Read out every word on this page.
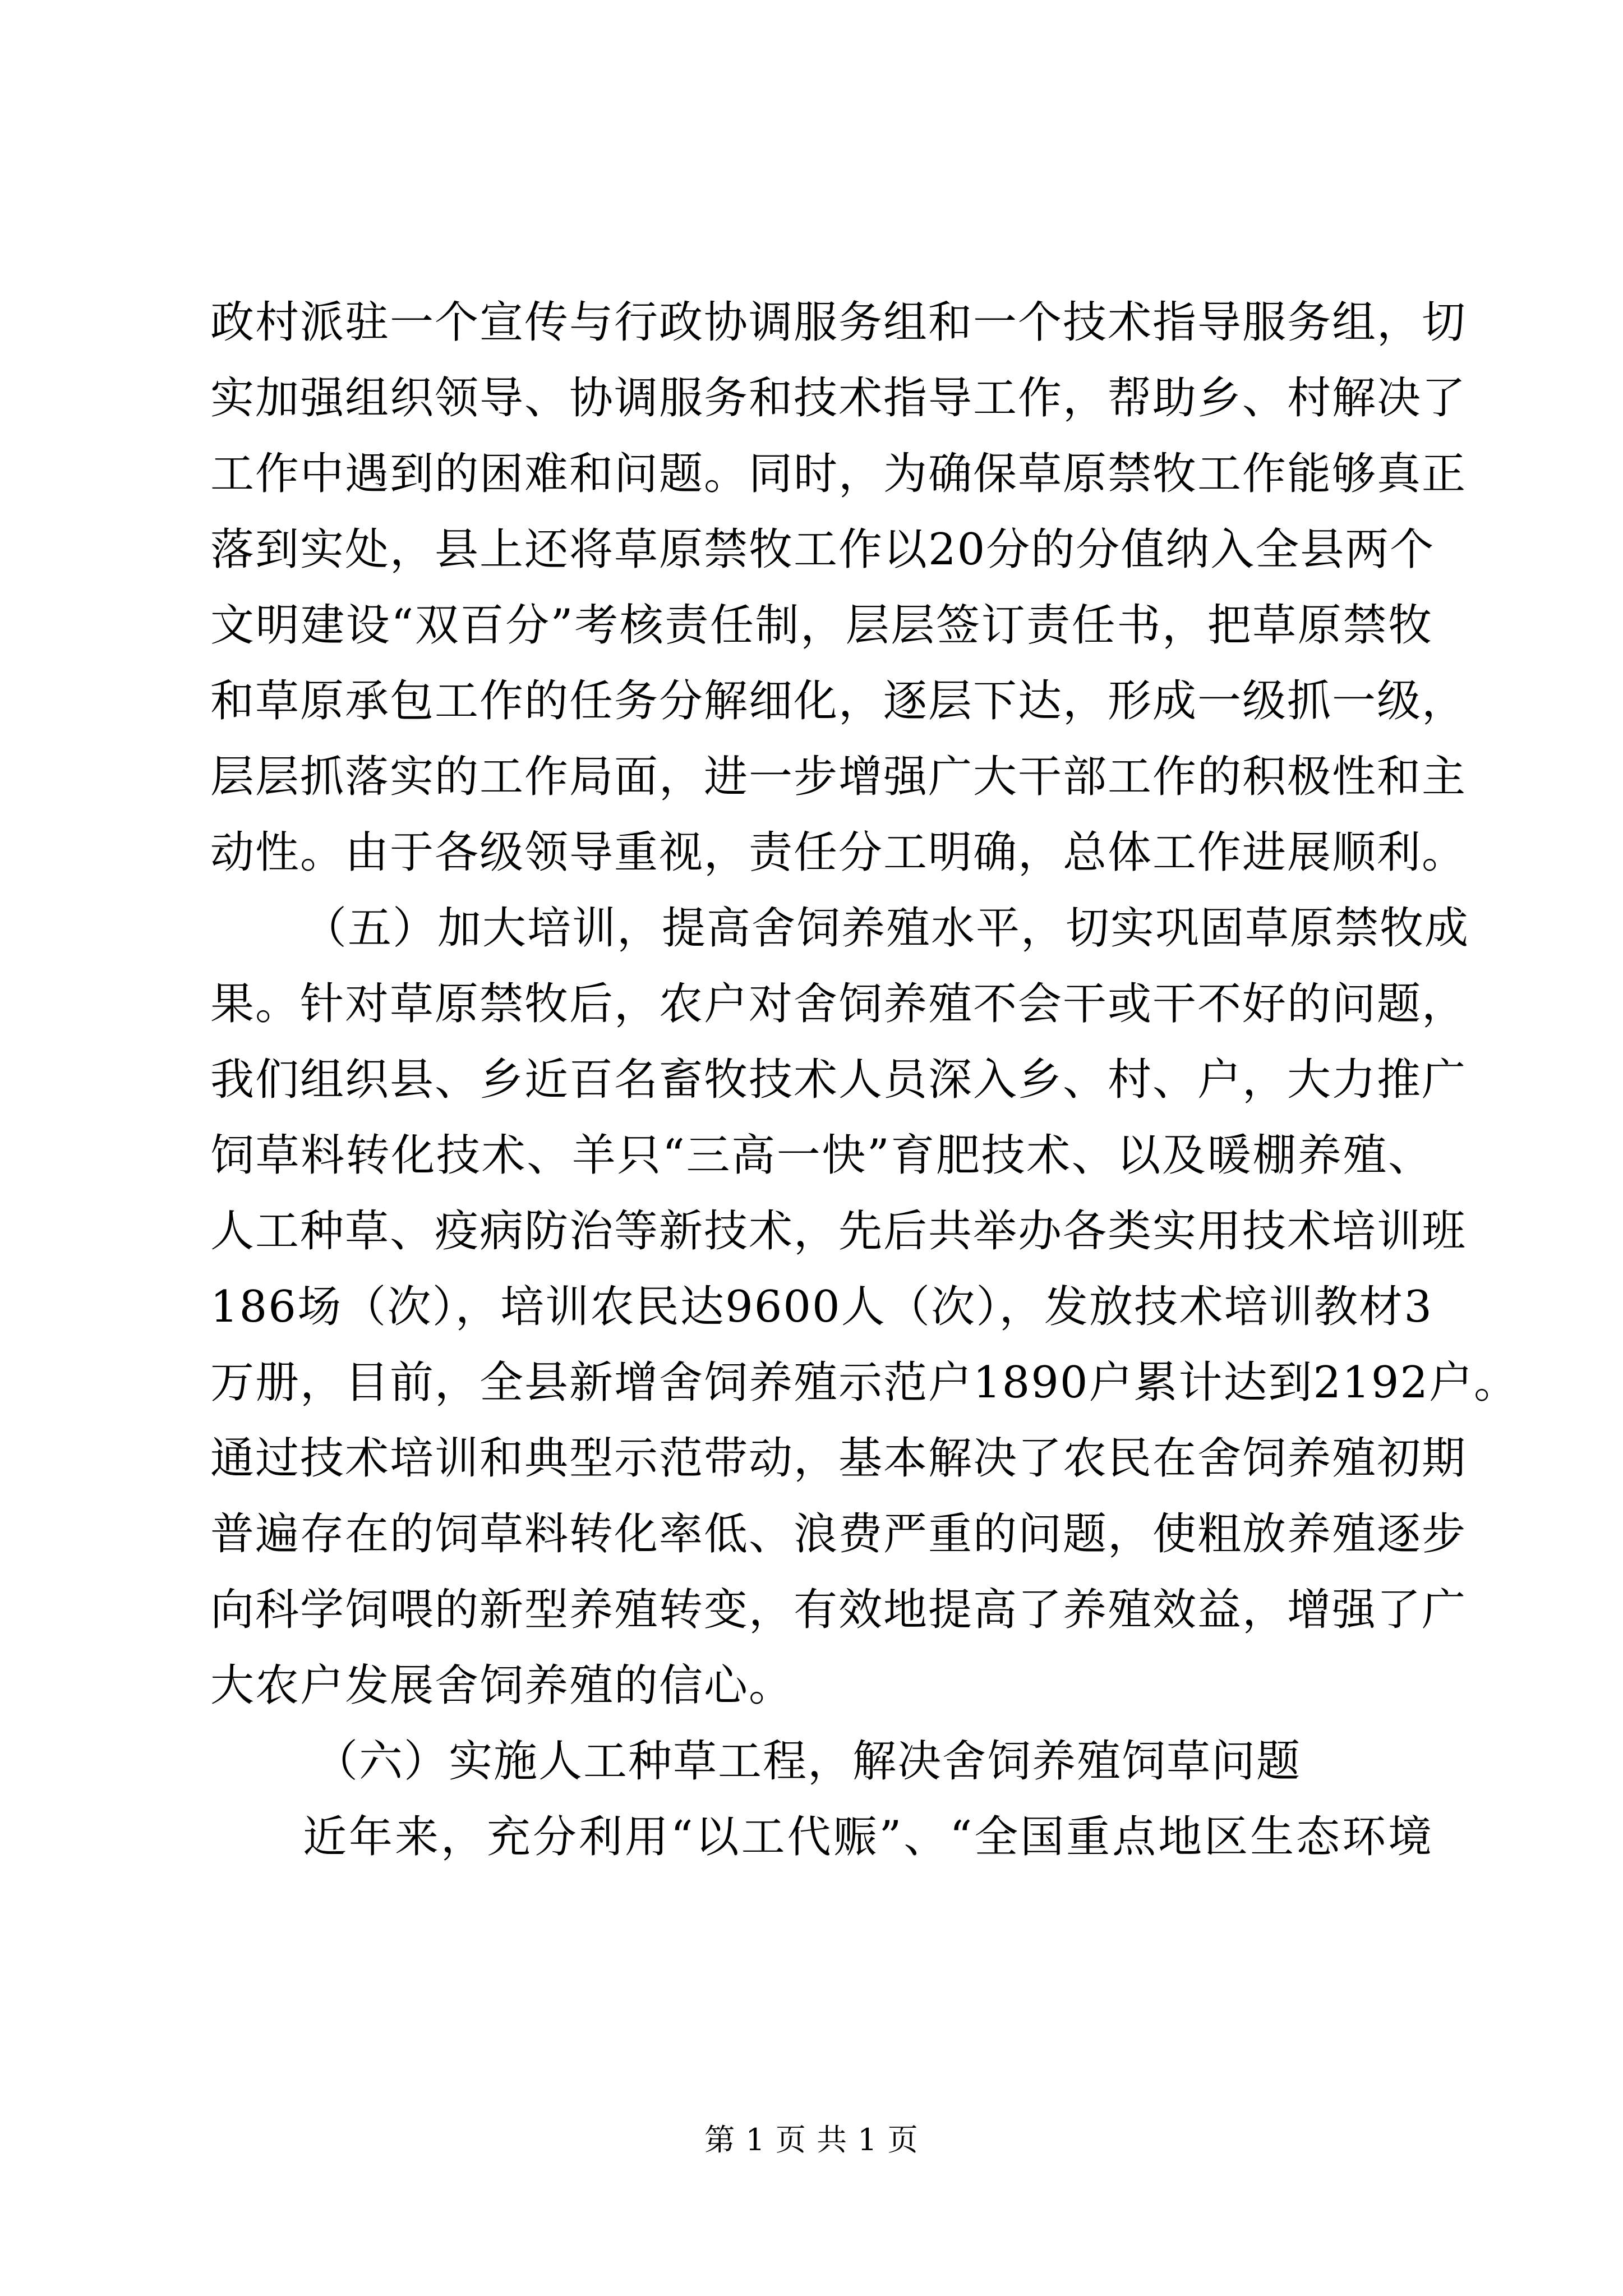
政村派驻一个宣传与行政协调服务组和一个技术指导服务组，切
实加强组织领导、协调服务和技术指导工作，帮助乡、村解决了
工作中遇到的困难和问题。同时，为确保草原禁牧工作能够真正
落到实处，县上还将草原禁牧工作以20分的分值纳入全县两个
文明建设“双百分”考核责任制，层层签订责任书，把草原禁牧
和草原承包工作的任务分解细化，逐层下达，形成一级抓一级，
层层抓落实的工作局面，进一步增强广大干部工作的积极性和主
动性。由于各级领导重视，责任分工明确，总体工作进展顺利。
（五）加大培训，提高舍饲养殖水平，切实巩固草原禁牧成
果。针对草原禁牧后，农户对舍饲养殖不会干或干不好的问题，
我们组织县、乡近百名畜牧技术人员深入乡、村、户，大力推广
饲草料转化技术、羊只“三高一快”育肥技术、以及暖棚养殖、
人工种草、疫病防治等新技术，先后共举办各类实用技术培训班
186场（次），培训农民达9600人（次），发放技术培训教材3
万册，目前，全县新增舍饲养殖示范户1890户累计达到2192户。
通过技术培训和典型示范带动，基本解决了农民在舍饲养殖初期
普遍存在的饲草料转化率低、浪费严重的问题，使粗放养殖逐步
向科学饲喂的新型养殖转变，有效地提高了养殖效益，增强了广
大农户发展舍饲养殖的信心。
（六）实施人工种草工程，解决舍饲养殖饲草问题
近年来，充分利用“以工代赈”、“全国重点地区生态环境
第 1 页 共 1 页
